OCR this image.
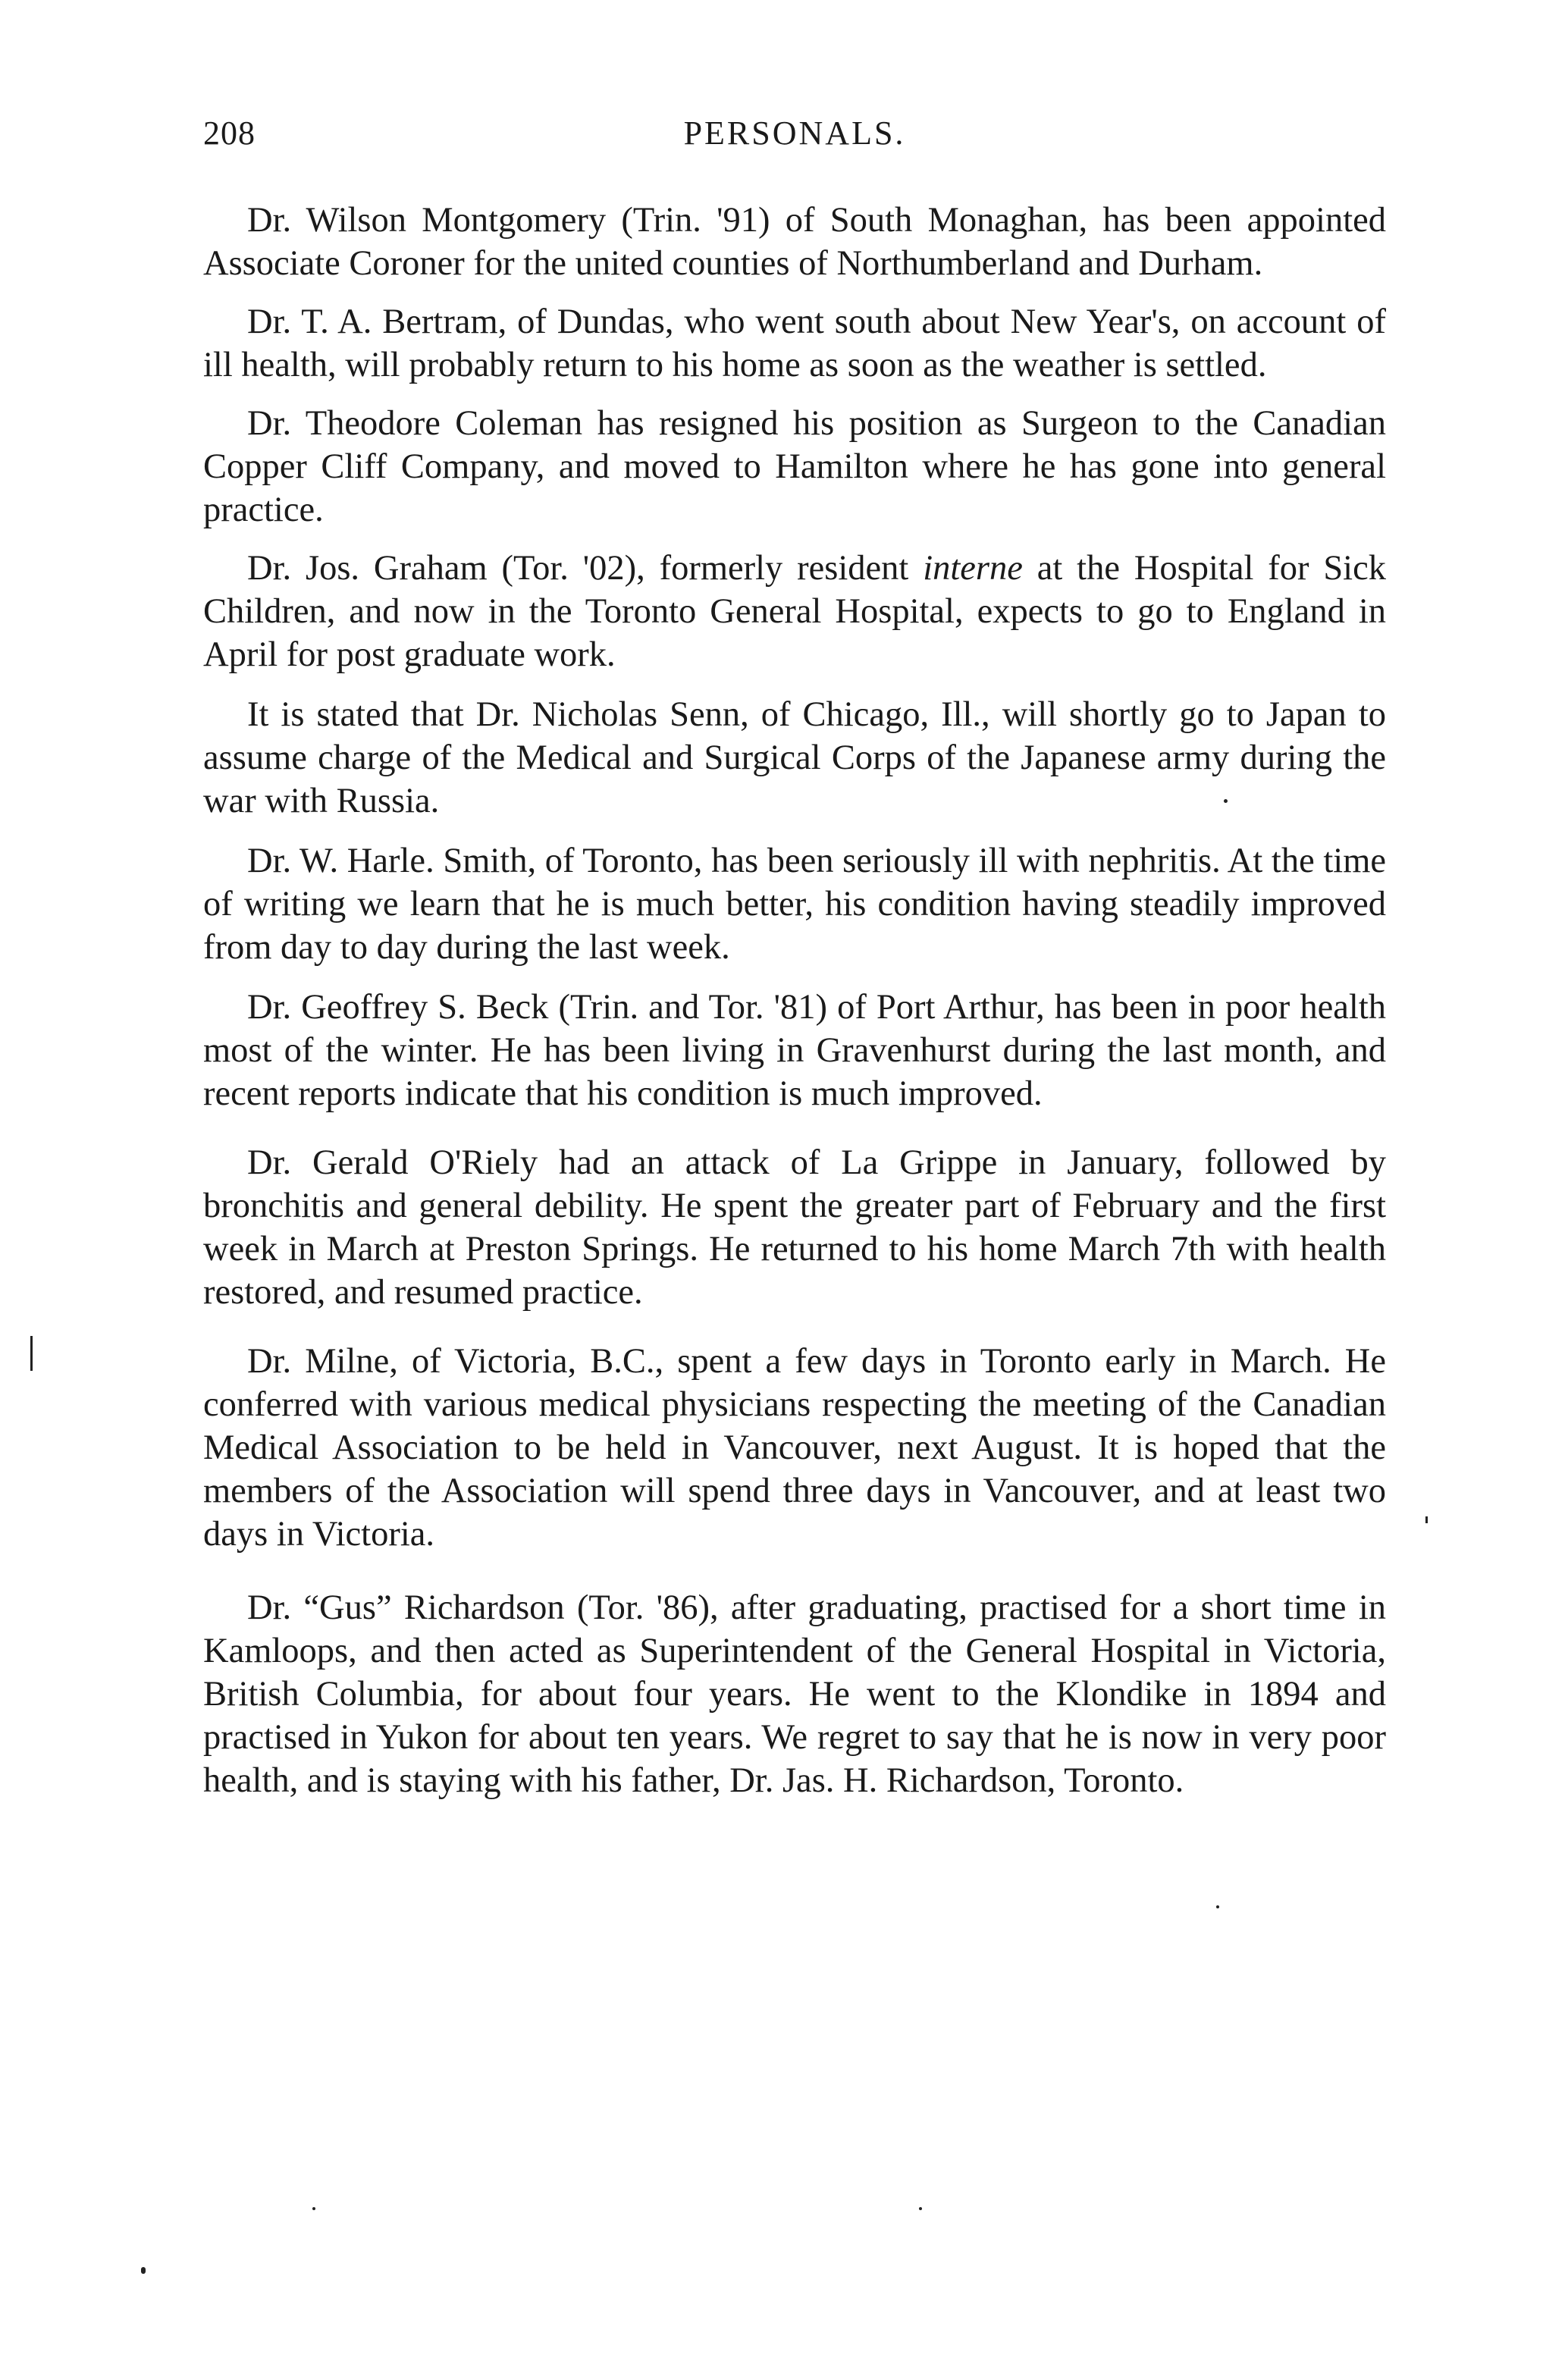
208	PERSONALS.

Dr. Wilson Montgomery (Trin. '91) of South Monaghan, has been appointed Associate Coroner for the united counties of Northumberland and Durham.

Dr. T. A. Bertram, of Dundas, who went south about New Year's, on account of ill health, will probably return to his home as soon as the weather is settled.

Dr. Theodore Coleman has resigned his position as Surgeon to the Canadian Copper Cliff Company, and moved to Hamilton where he has gone into general practice.

Dr. Jos. Graham (Tor. '02), formerly resident interne at the Hospital for Sick Children, and now in the Toronto General Hospital, expects to go to England in April for post graduate work.

It is stated that Dr. Nicholas Senn, of Chicago, Ill., will shortly go to Japan to assume charge of the Medical and Surgical Corps of the Japanese army during the war with Russia.

Dr. W. Harle. Smith, of Toronto, has been seriously ill with nephritis. At the time of writing we learn that he is much better, his condition having steadily improved from day to day during the last week.

Dr. Geoffrey S. Beck (Trin. and Tor. '81) of Port Arthur, has been in poor health most of the winter. He has been living in Gravenhurst during the last month, and recent reports indicate that his condition is much improved.

Dr. Gerald O'Riely had an attack of La Grippe in January, followed by bronchitis and general debility. He spent the greater part of February and the first week in March at Preston Springs. He returned to his home March 7th with health restored, and resumed practice.

Dr. Milne, of Victoria, B.C., spent a few days in Toronto early in March. He conferred with various medical physicians respecting the meeting of the Canadian Medical Association to be held in Vancouver, next August. It is hoped that the members of the Association will spend three days in Vancouver, and at least two days in Victoria.

Dr. “Gus” Richardson (Tor. '86), after graduating, practised for a short time in Kamloops, and then acted as Superintendent of the General Hospital in Victoria, British Columbia, for about four years. He went to the Klondike in 1894 and practised in Yukon for about ten years. We regret to say that he is now in very poor health, and is staying with his father, Dr. Jas. H. Richardson, Toronto.
